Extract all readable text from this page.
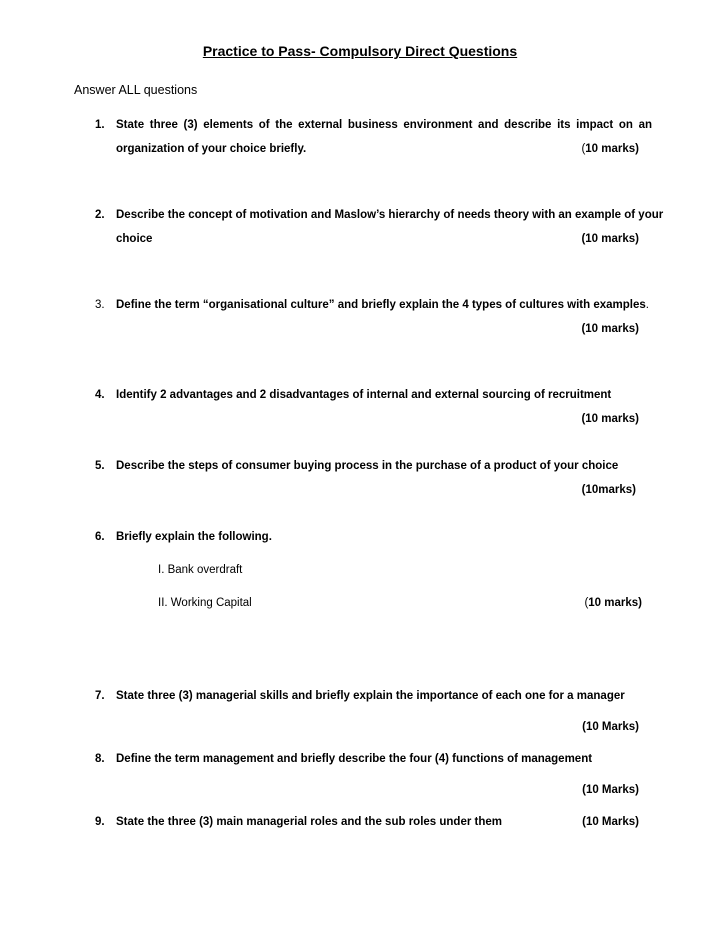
Practice to Pass- Compulsory Direct Questions
Answer ALL questions
1. State three (3) elements of the external business environment and describe its impact on an
organization of your choice briefly.	(10 marks)
2. Describe the concept of motivation and Maslow’s hierarchy of needs theory with an example of your
choice	(10 marks)
3. Define the term “organisational culture” and briefly explain the 4 types of cultures with examples.
(10 marks)
4. Identify 2 advantages and 2 disadvantages of internal and external sourcing of recruitment
(10 marks)
5. Describe the steps of consumer buying process in the purchase of a product of your choice
(10marks)
6. Briefly explain the following.
(10 marks)
I. Bank overdraft
II. Working Capital
7. State three (3) managerial skills and briefly explain the importance of each one for a manager
(10 Marks)
8. Define the term management and briefly describe the four (4) functions of management
(10 Marks)
9. State the three (3) main managerial roles and the sub roles under them	(10 Marks)
